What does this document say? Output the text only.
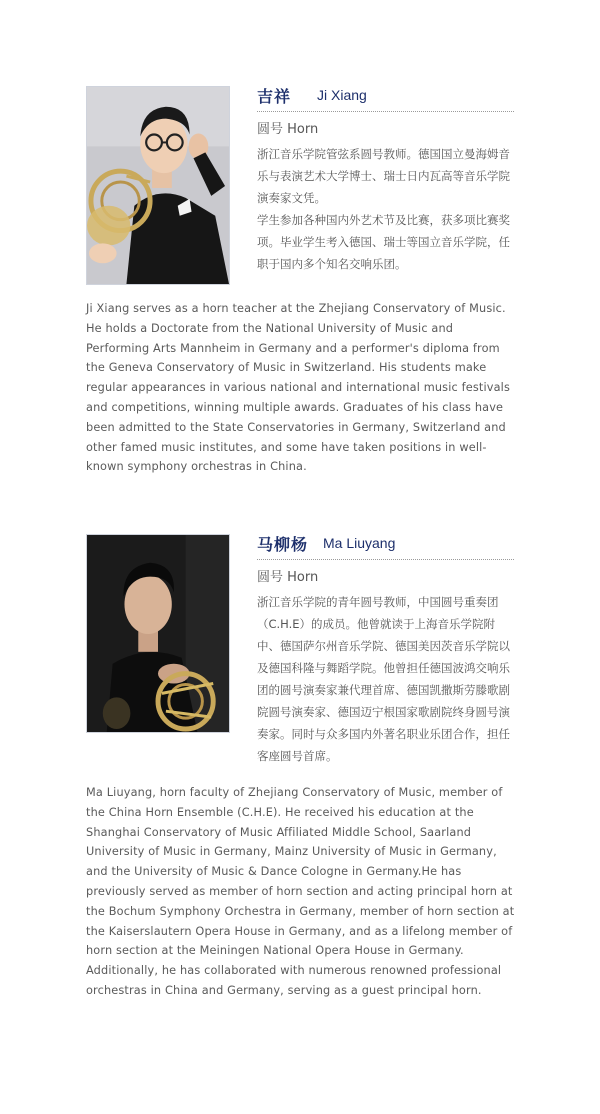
吉祥 Ji Xiang
圆号 Horn

浙江音乐学院管弦系圆号教师。德国国立曼海姆音乐与表演艺术大学博士、瑞士日内瓦高等音乐学院演奏家文凭。

学生参加各种国内外艺术节及比赛，获多项比赛奖项。毕业学生考入德国、瑞士等国立音乐学院，任职于国内多个知名交响乐团。

Ji Xiang serves as a horn teacher at the Zhejiang Conservatory of Music. He holds a Doctorate from the National University of Music and Performing Arts Mannheim in Germany and a performer's diploma from the Geneva Conservatory of Music in Switzerland. His students make regular appearances in various national and international music festivals and competitions, winning multiple awards. Graduates of his class have been admitted to the State Conservatories in Germany, Switzerland and other famed music institutes, and some have taken positions in well-known symphony orchestras in China.

马柳杨 Ma Liuyang
圆号 Horn

浙江音乐学院的青年圆号教师，中国圆号重奏团（C.H.E）的成员。他曾就读于上海音乐学院附中、德国萨尔州音乐学院、德国美因茨音乐学院以及德国科隆与舞蹈学院。他曾担任德国波鸿交响乐团的圆号演奏家兼代理首席、德国凯撒斯劳滕歌剧院圆号演奏家、德国迈宁根国家歌剧院终身圆号演奏家。同时与众多国内外著名职业乐团合作，担任客座圆号首席。

Ma Liuyang, horn faculty of Zhejiang Conservatory of Music, member of the China Horn Ensemble (C.H.E). He received his education at the Shanghai Conservatory of Music Affiliated Middle School, Saarland University of Music in Germany, Mainz University of Music in Germany, and the University of Music & Dance Cologne in Germany.He has previously served as member of horn section and acting principal horn at the Bochum Symphony Orchestra in Germany, member of horn section at the Kaiserslautern Opera House in Germany, and as a lifelong member of horn section at the Meiningen National Opera House in Germany. Additionally, he has collaborated with numerous renowned professional orchestras in China and Germany, serving as a guest principal horn.
